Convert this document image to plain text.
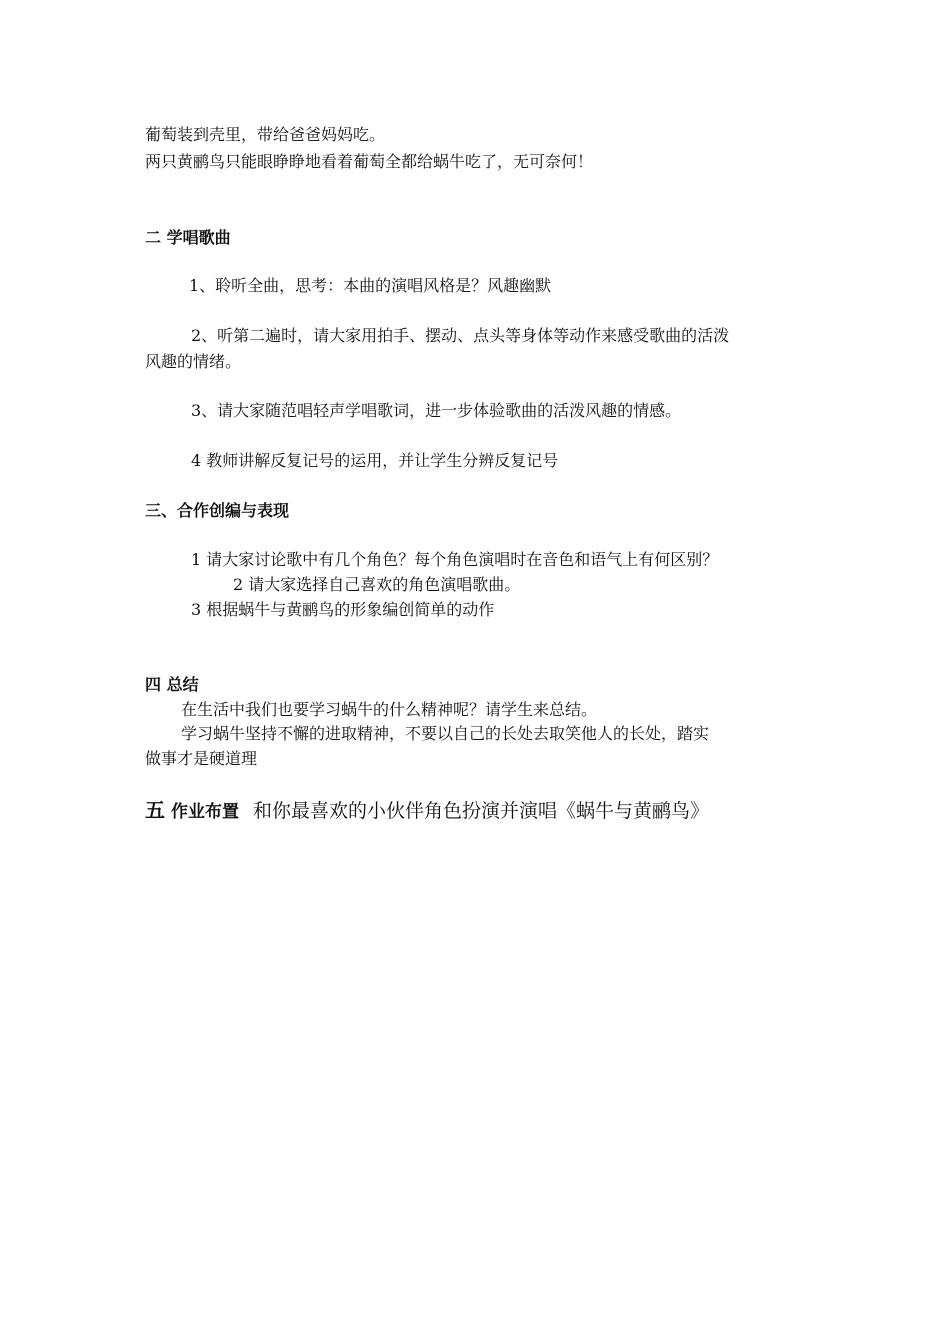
葡萄装到壳里，带给爸爸妈妈吃。
两只黄鹂鸟只能眼睁睁地看着葡萄全都给蜗牛吃了，无可奈何！
二 学唱歌曲
1、聆听全曲，思考：本曲的演唱风格是？风趣幽默
2、听第二遍时，请大家用拍手、摆动、点头等身体等动作来感受歌曲的活泼
风趣的情绪。
3、请大家随范唱轻声学唱歌词，进一步体验歌曲的活泼风趣的情感。
4 教师讲解反复记号的运用，并让学生分辨反复记号
三、合作创编与表现
1 请大家讨论歌中有几个角色？每个角色演唱时在音色和语气上有何区别？
2 请大家选择自己喜欢的角色演唱歌曲。
3 根据蜗牛与黄鹂鸟的形象编创简单的动作
四 总结
在生活中我们也要学习蜗牛的什么精神呢？请学生来总结。
学习蜗牛坚持不懈的进取精神，不要以自己的长处去取笑他人的长处，踏实
做事才是硬道理
五 作业布置 和你最喜欢的小伙伴角色扮演并演唱《蜗牛与黄鹂鸟》
